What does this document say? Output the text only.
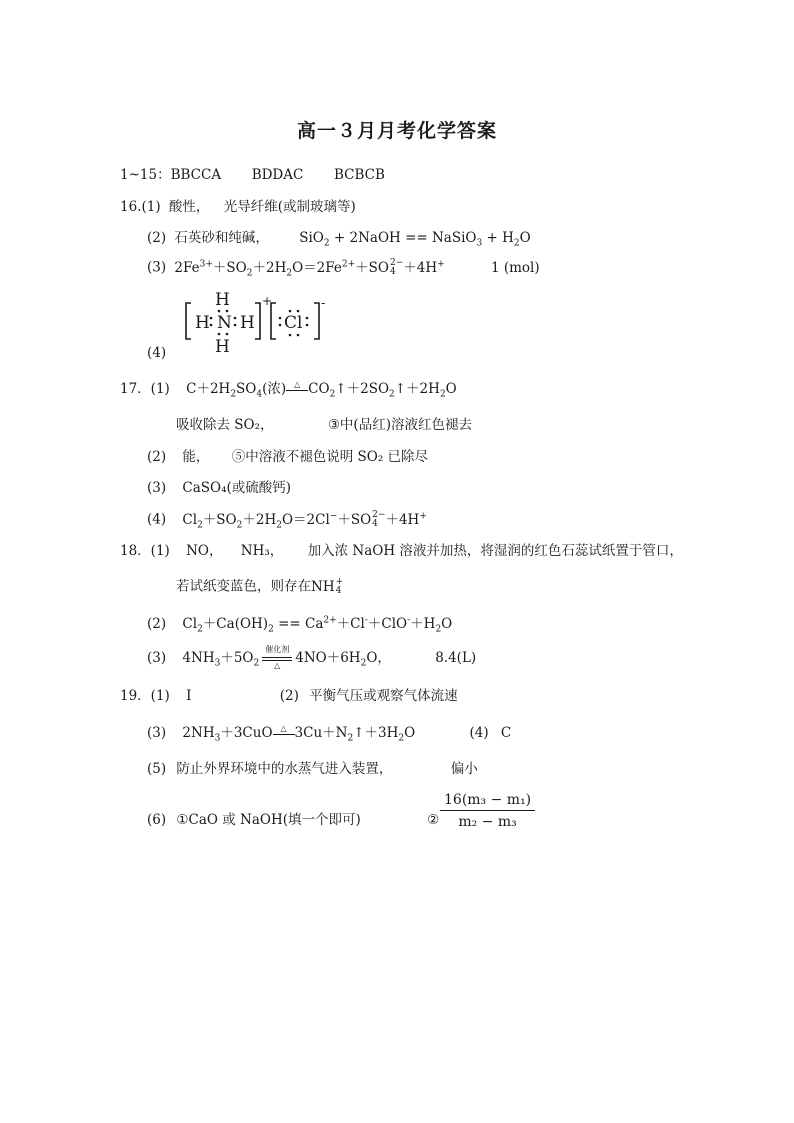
高一３月月考化学答案
1~15：BBCCA BDDAC BCBCB
16.(1) 酸性， 光导纤维(或制玻璃等)
(2) 石英砂和纯碱， SiO$_2$ + 2NaOH == NaSiO$_3$ + $H_2O$
(3) $2Fe^{3+}+SO_2+2H_2O=2Fe^{2+}+SO$ 2−
4 ＋4H+	1 (mol)
(4)
H
H N H
H
+
Cl
-
17．(1) $C+2H_2SO_4$(浓) △ $CO_2↑+2SO_2↑+2H_2O$
吸收除去 SO₂，	③中(品红)溶液红色褪去
(2) 能， ⑤中溶液不褪色说明 SO₂ 已除尽
(3) CaSO₄(或硫酸钙)
(4) $Cl_2+SO_2+2H_2O=2Cl^-+SO$ 2−
4 ＋4H+
18．(1) NO， NH₃， 加入浓 NaOH 溶液并加热，将湿润的红色石蕊试纸置于管口，
若试纸变蓝色，则存在NH +
4
(2) $Cl_2+Ca(OH)_2 == Ca^{2+}+Cl^-+ClO^-+H_2O$
(3) $4NH_3+5O_2$
催化剂
△	$4NO+6H_2O$，	8.4(L)
19．(1) I	(2) 平衡气压或观察气体流速
(3) $2NH_3+3CuO$ △ $3Cu+N_2↑+3H_2O$	(4) C
(5) 防止外界环境中的水蒸气进入装置，	偏小
(6) ①CaO 或 NaOH(填一个即可)	② $\frac{\text{16(m₃ − m₁)}}{\text{m₂ − m₃}}$
